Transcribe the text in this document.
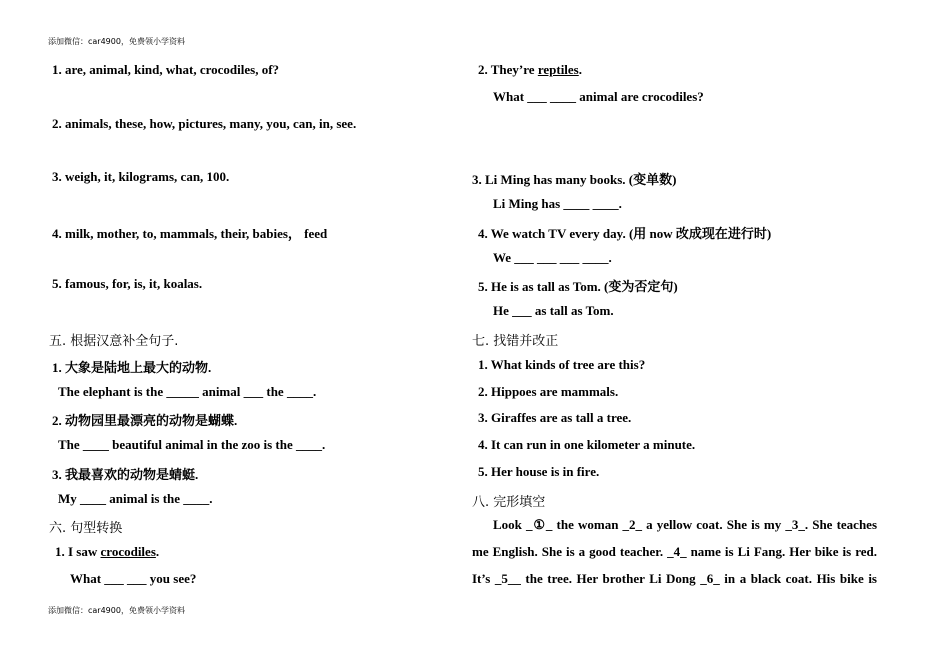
添加微信：car4900，免费领小学资料
1. are, animal, kind, what, crocodiles, of?
2. animals, these, how, pictures, many, you, can, in, see.
3. weigh, it, kilograms, can, 100.
4. milk, mother, to, mammals, their, babies， feed
5. famous, for, is, it, koalas.
五. 根据汉意补全句子.
1. 大象是陆地上最大的动物.
The elephant is the _____ animal ___ the ____.
2. 动物园里最漂亮的动物是蝴蝶.
The ____ beautiful animal in the zoo is the ____.
3. 我最喜欢的动物是蜻蜓.
My ____ animal is the ____.
六. 句型转换
1. I saw crocodiles.
What ___ ___ you see?
2. They’re reptiles.
What ___ ____ animal are crocodiles?
3. Li Ming has many books. (变单数)
Li Ming has ____ ____.
4. We watch TV every day. (用 now 改成现在进行时)
We ___ ___ ___ ____.
5. He is as tall as Tom. (变为否定句)
He ___ as tall as Tom.
七. 找错并改正
1. What kinds of tree are this?
2. Hippoes are mammals.
3. Giraffes are as tall a tree.
4. It can run in one kilometer a minute.
5. Her house is in fire.
八. 完形填空
Look _①_ the woman _2_ a yellow coat. She is my _3_. She teaches
me English. She is a good teacher. _4_ name is Li Fang. Her bike is red.
It’s _5__ the tree. Her brother Li Dong _6_ in a black coat. His bike is
添加微信：car4900，免费领小学资料
